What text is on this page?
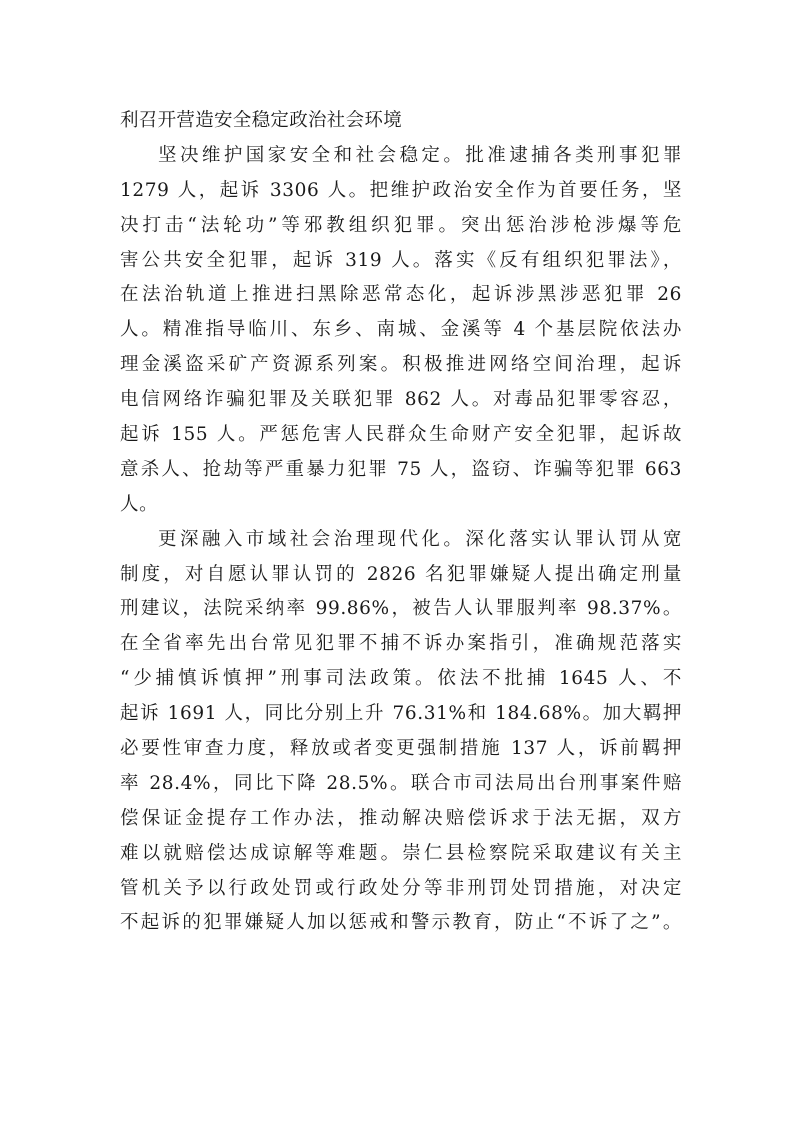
利召开营造安全稳定政治社会环境
坚决维护国家安全和社会稳定。批准逮捕各类刑事犯罪
1279 人，起诉 3306 人。把维护政治安全作为首要任务，坚
决打击“法轮功”等邪教组织犯罪。突出惩治涉枪涉爆等危
害公共安全犯罪，起诉 319 人。落实《反有组织犯罪法》，
在法治轨道上推进扫黑除恶常态化，起诉涉黑涉恶犯罪 26
人。精准指导临川、东乡、南城、金溪等 4 个基层院依法办
理金溪盗采矿产资源系列案。积极推进网络空间治理，起诉
电信网络诈骗犯罪及关联犯罪 862 人。对毒品犯罪零容忍，
起诉 155 人。严惩危害人民群众生命财产安全犯罪，起诉故
意杀人、抢劫等严重暴力犯罪 75 人，盗窃、诈骗等犯罪 663
人。
更深融入市域社会治理现代化。深化落实认罪认罚从宽
制度，对自愿认罪认罚的 2826 名犯罪嫌疑人提出确定刑量
刑建议，法院采纳率 99.86%，被告人认罪服判率 98.37%。
在全省率先出台常见犯罪不捕不诉办案指引，准确规范落实
“少捕慎诉慎押”刑事司法政策。依法不批捕 1645 人、不
起诉 1691 人，同比分别上升 76.31%和 184.68%。加大羁押
必要性审查力度，释放或者变更强制措施 137 人，诉前羁押
率 28.4%，同比下降 28.5%。联合市司法局出台刑事案件赔
偿保证金提存工作办法，推动解决赔偿诉求于法无据，双方
难以就赔偿达成谅解等难题。崇仁县检察院采取建议有关主
管机关予以行政处罚或行政处分等非刑罚处罚措施，对决定
不起诉的犯罪嫌疑人加以惩戒和警示教育，防止“不诉了之”。
